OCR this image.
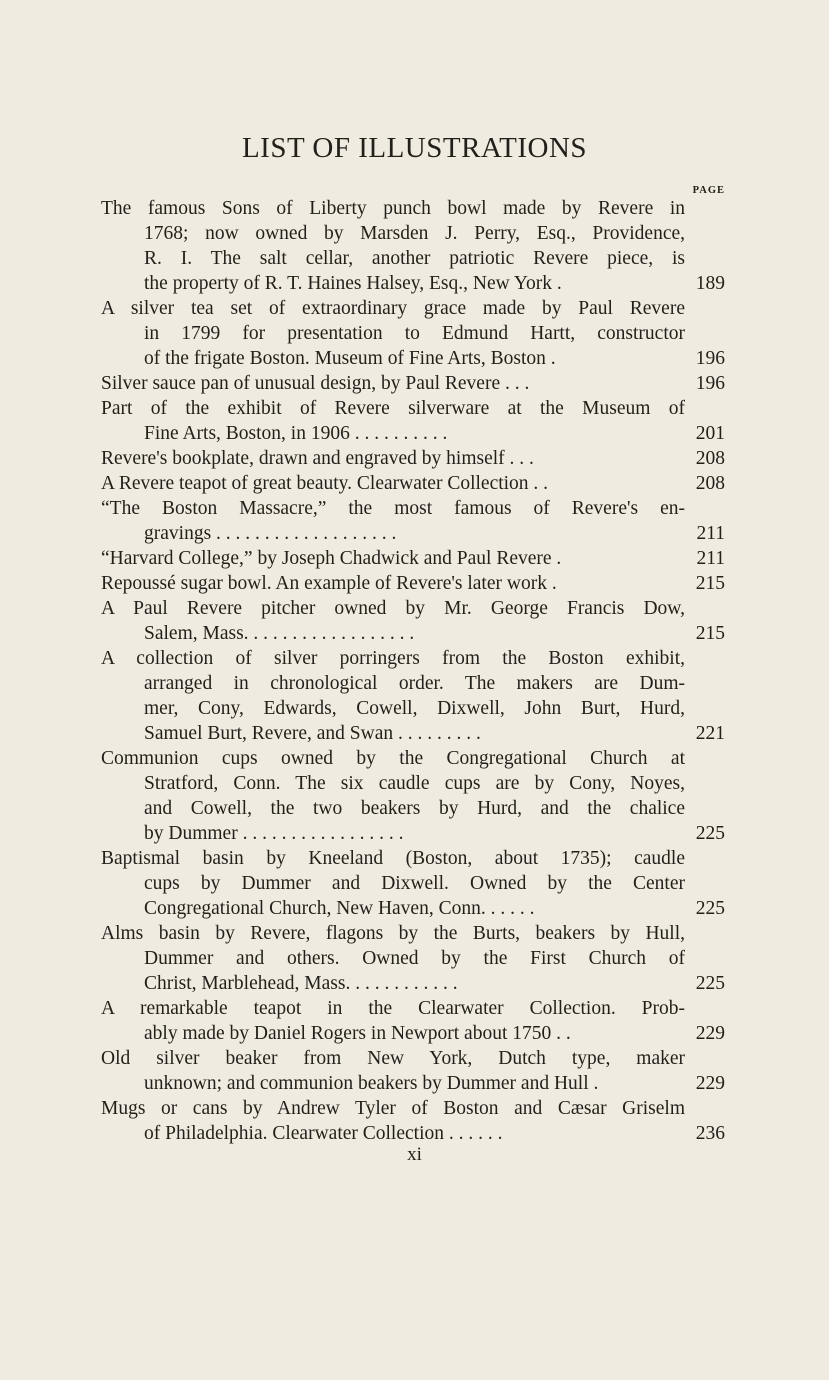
LIST OF ILLUSTRATIONS
PAGE
The famous Sons of Liberty punch bowl made by Revere in
1768; now owned by Marsden J. Perry, Esq., Providence,
R. I. The salt cellar, another patriotic Revere piece, is
the property of R. T. Haines Halsey, Esq., New York .	189
A silver tea set of extraordinary grace made by Paul Revere
in 1799 for presentation to Edmund Hartt, constructor
of the frigate Boston. Museum of Fine Arts, Boston .	196
Silver sauce pan of unusual design, by Paul Revere . . .	196
Part of the exhibit of Revere silverware at the Museum of
Fine Arts, Boston, in 1906 . . . . . . . . . .	201
Revere's bookplate, drawn and engraved by himself . . .	208
A Revere teapot of great beauty. Clearwater Collection . .	208
“The Boston Massacre,” the most famous of Revere's en-
gravings . . . . . . . . . . . . . . . . . . .	211
“Harvard College,” by Joseph Chadwick and Paul Revere .	211
Repoussé sugar bowl. An example of Revere's later work .	215
A Paul Revere pitcher owned by Mr. George Francis Dow,
Salem, Mass. . . . . . . . . . . . . . . . . .	215
A collection of silver porringers from the Boston exhibit,
arranged in chronological order. The makers are Dum-
mer, Cony, Edwards, Cowell, Dixwell, John Burt, Hurd,
Samuel Burt, Revere, and Swan . . . . . . . . .	221
Communion cups owned by the Congregational Church at
Stratford, Conn. The six caudle cups are by Cony, Noyes,
and Cowell, the two beakers by Hurd, and the chalice
by Dummer . . . . . . . . . . . . . . . . .	225
Baptismal basin by Kneeland (Boston, about 1735); caudle
cups by Dummer and Dixwell. Owned by the Center
Congregational Church, New Haven, Conn. . . . . .	225
Alms basin by Revere, flagons by the Burts, beakers by Hull,
Dummer and others. Owned by the First Church of
Christ, Marblehead, Mass. . . . . . . . . . . .	225
A remarkable teapot in the Clearwater Collection. Prob-
ably made by Daniel Rogers in Newport about 1750 . .	229
Old silver beaker from New York, Dutch type, maker
unknown; and communion beakers by Dummer and Hull .	229
Mugs or cans by Andrew Tyler of Boston and Cæsar Griselm
of Philadelphia. Clearwater Collection . . . . . .	236
xi
